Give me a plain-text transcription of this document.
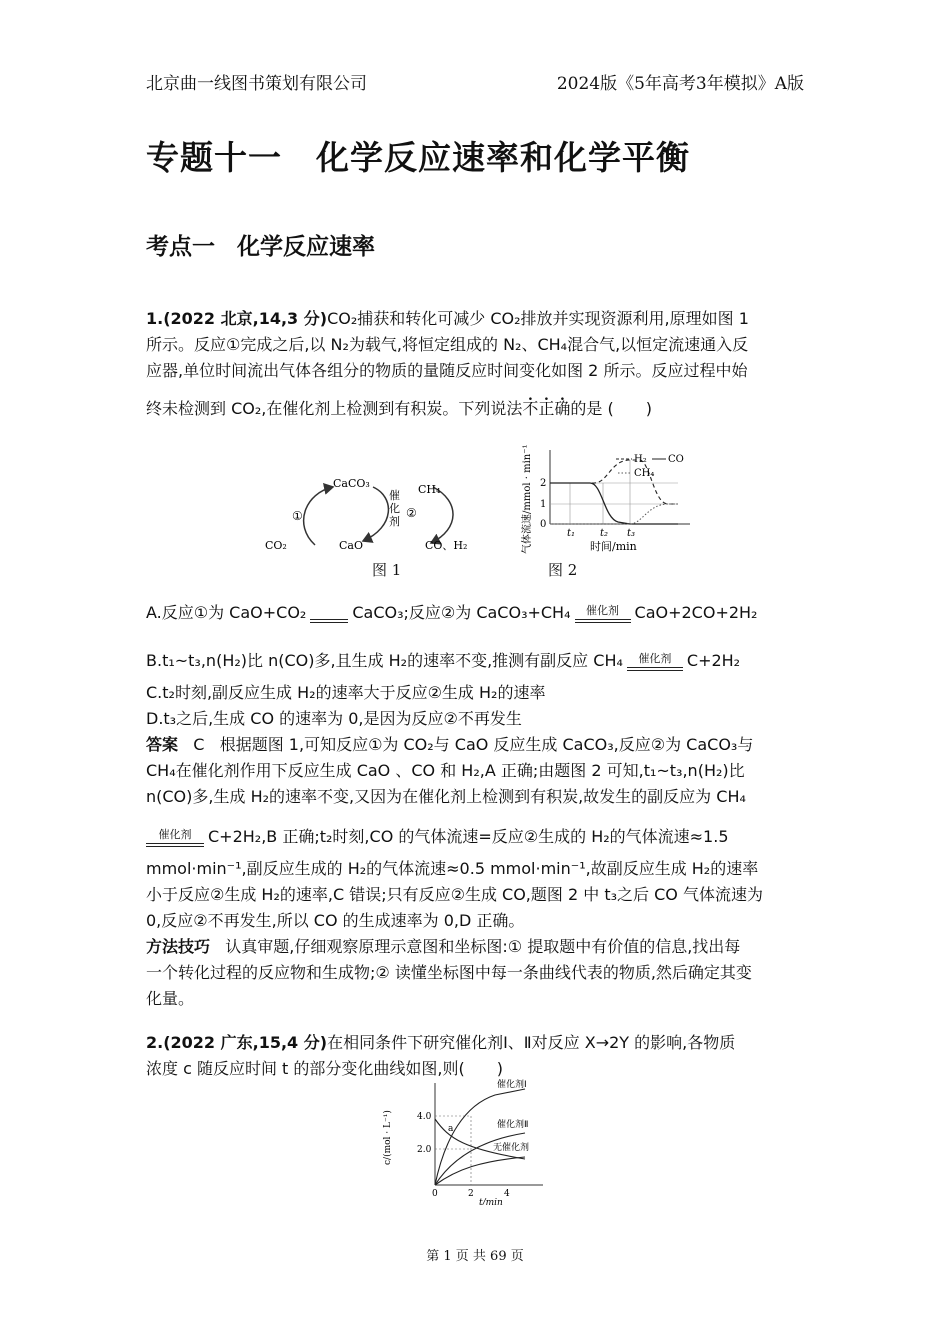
北京曲一线图书策划有限公司	2024版《5年高考3年模拟》A版
专题十一 化学反应速率和化学平衡
考点一 化学反应速率
1.(2022 北京,14,3 分)CO₂捕获和转化可减少 CO₂排放并实现资源利用,原理如图 1
所示。反应①完成之后,以 N₂为载气,将恒定组成的 N₂、CH₄混合气,以恒定流速通入反
应器,单位时间流出气体各组分的物质的量随反应时间变化如图 2 所示。反应过程中始
终未检测到 CO₂,在催化剂上检测到有积炭。下列说法不正确的是 (　　)
CaCO₃
CaO
CO₂
CH₄
CO、H₂
①	②
催化剂
图 1
气体流速/mmol · min⁻¹ 0
1
2
t₁ t₂ t₃
时间/min
H₂ CO
CH₄
图 2
A.反应①为 CaO+CO₂	CaCO₃;反应②为 CaCO₃+CH₄	催化剂 CaO+2CO+2H₂
B.t₁~t₃,n(H₂)比 n(CO)多,且生成 H₂的速率不变,推测有副反应 CH₄	催化剂 C+2H₂
C.t₂时刻,副反应生成 H₂的速率大于反应②生成 H₂的速率
D.t₃之后,生成 CO 的速率为 0,是因为反应②不再发生
答案 C 根据题图 1,可知反应①为 CO₂与 CaO 反应生成 CaCO₃,反应②为 CaCO₃与
CH₄在催化剂作用下反应生成 CaO 、CO 和 H₂,A 正确;由题图 2 可知,t₁~t₃,n(H₂)比
n(CO)多,生成 H₂的速率不变,又因为在催化剂上检测到有积炭,故发生的副反应为 CH₄
催化剂	C+2H₂,B 正确;t₂时刻,CO 的气体流速=反应②生成的 H₂的气体流速≈1.5
mmol·min⁻¹,副反应生成的 H₂的气体流速≈0.5 mmol·min⁻¹,故副反应生成 H₂的速率
小于反应②生成 H₂的速率,C 错误;只有反应②生成 CO,题图 2 中 t₃之后 CO 气体流速为
0,反应②不再发生,所以 CO 的生成速率为 0,D 正确。
方法技巧 认真审题,仔细观察原理示意图和坐标图:① 提取题中有价值的信息,找出每
一个转化过程的反应物和生成物;② 读懂坐标图中每一条曲线代表的物质,然后确定其变
化量。
2.(2022 广东,15,4 分)在相同条件下研究催化剂Ⅰ、Ⅱ对反应 X→2Y 的影响,各物质
浓度 c 随反应时间 t 的部分变化曲线如图,则(　　)
c/(mol · L⁻¹)	2.0
4.0
a
催化剂Ⅰ
催化剂Ⅱ
无催化剂
0	2	4
t/min
第 1 页 共 69 页
